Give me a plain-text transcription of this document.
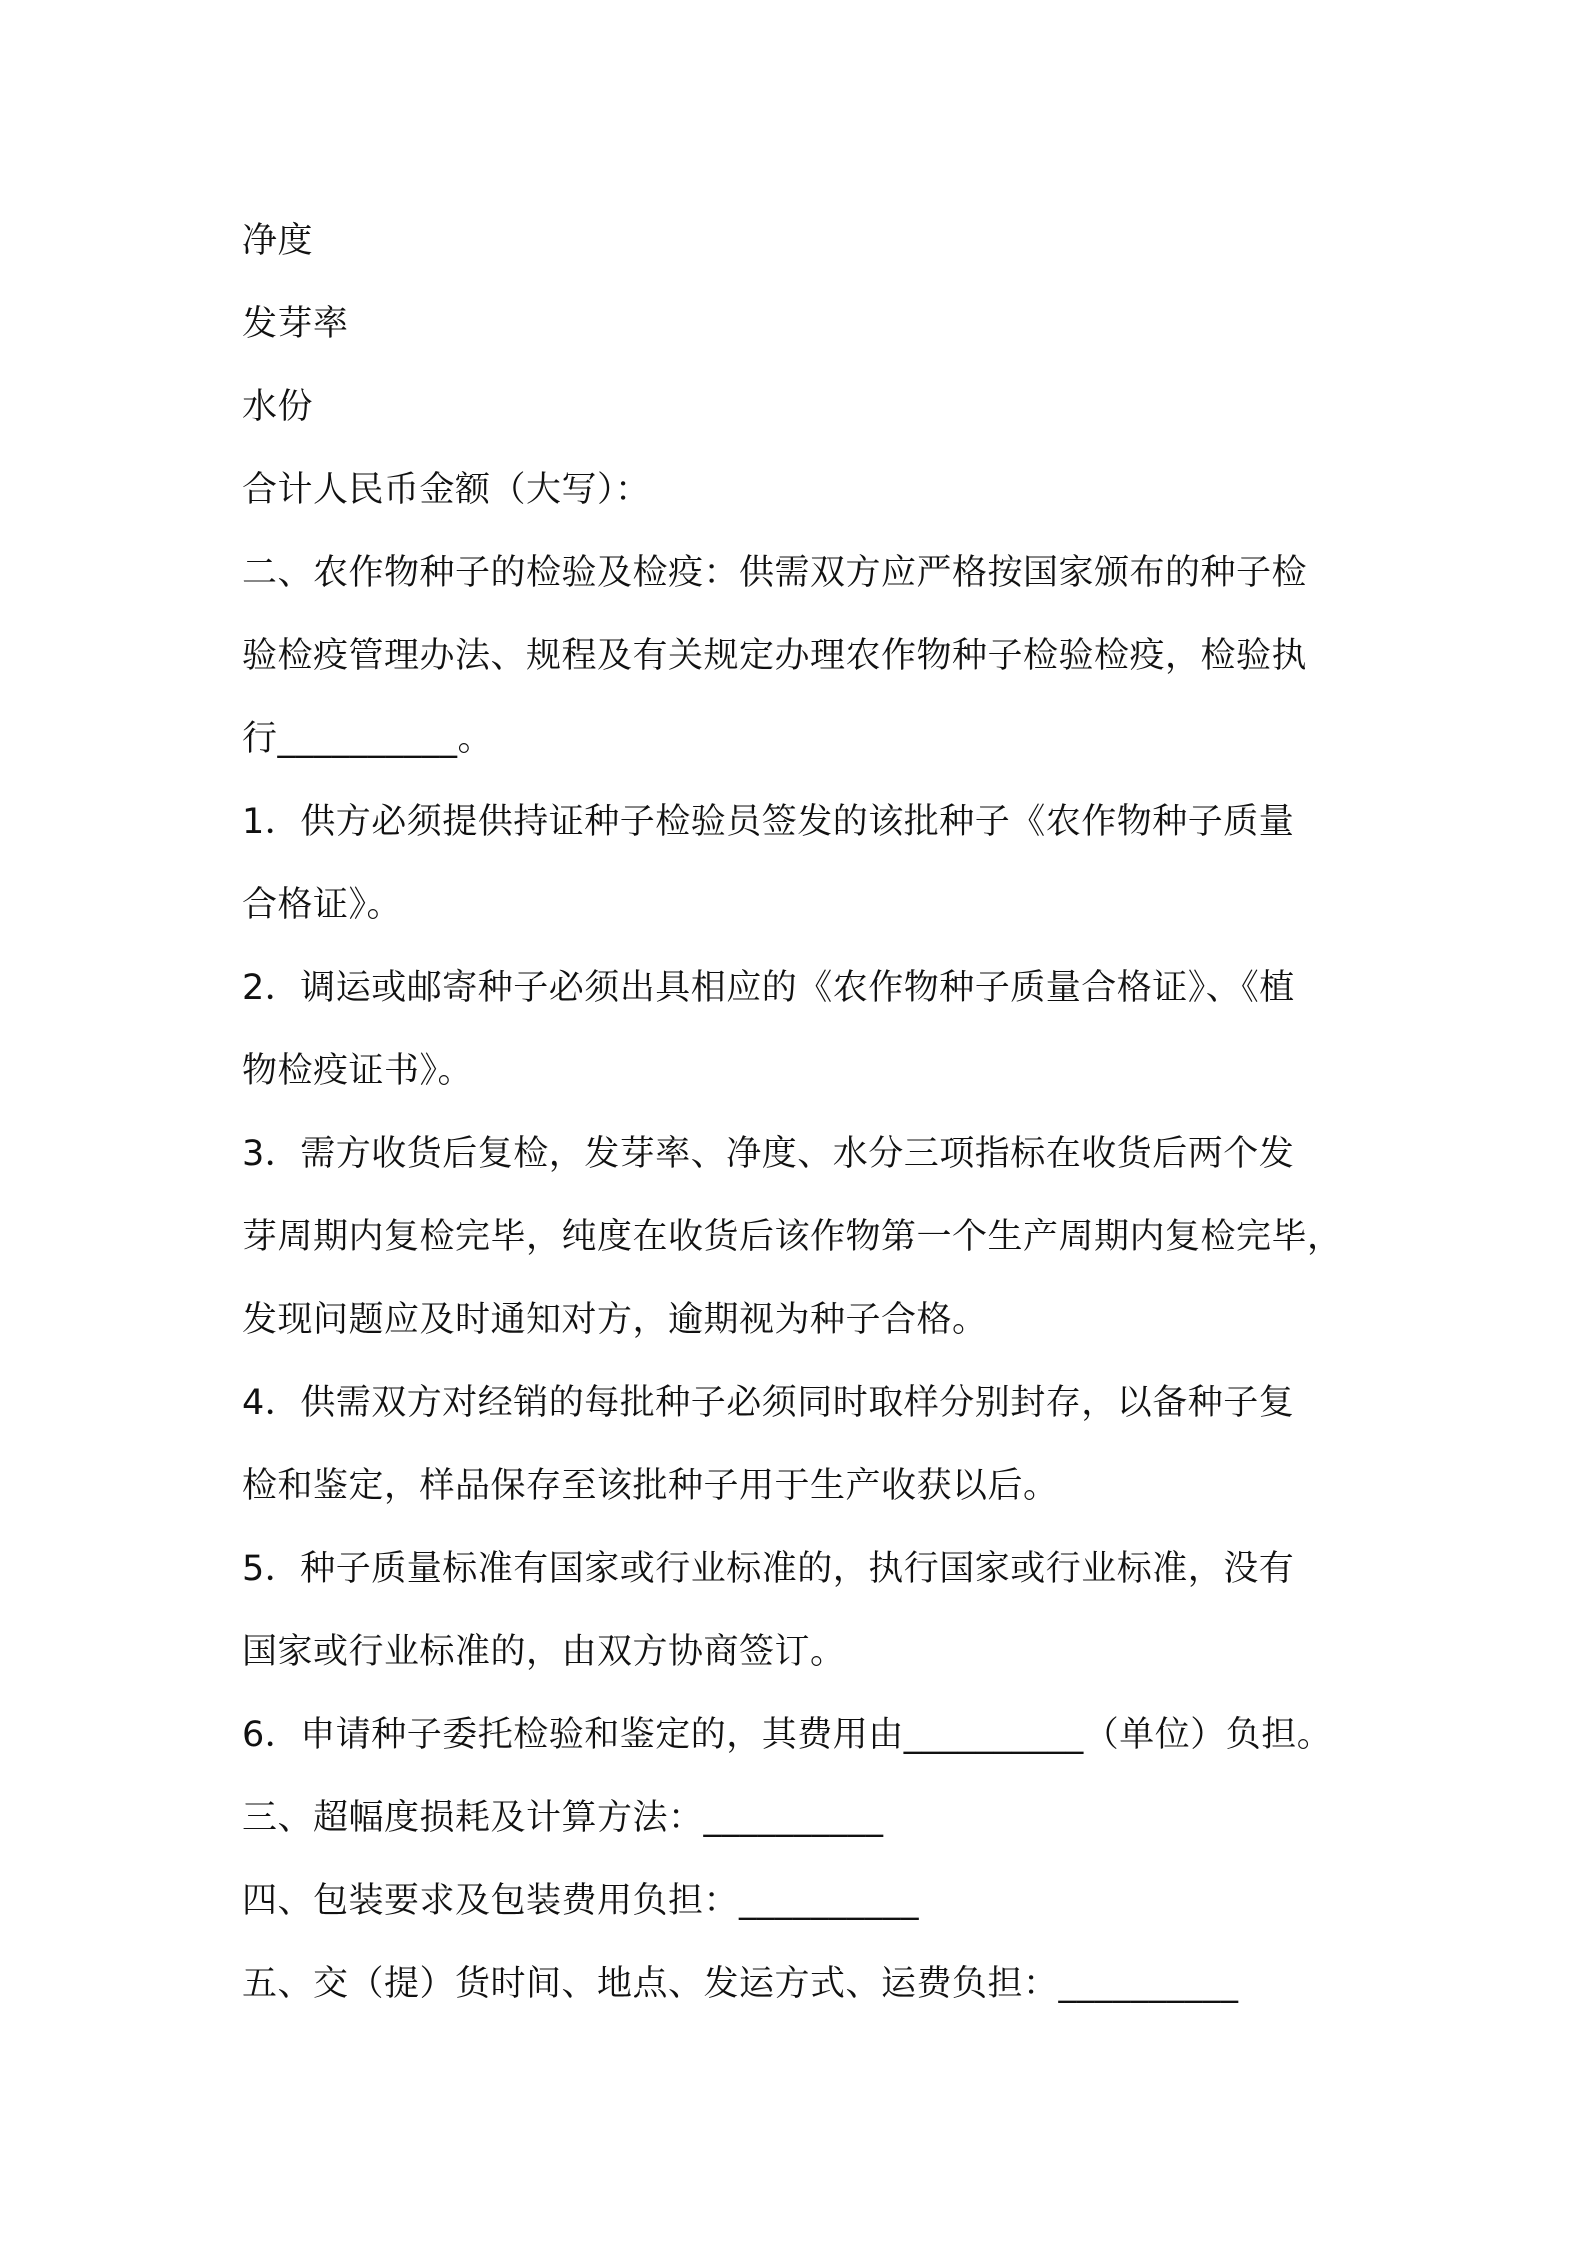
净度
发芽率
水份
合计人民币金额（大写）：
二、农作物种子的检验及检疫：供需双方应严格按国家颁布的种子检
验检疫管理办法、规程及有关规定办理农作物种子检验检疫，检验执
行__________。
1．供方必须提供持证种子检验员签发的该批种子《农作物种子质量
合格证》。
2．调运或邮寄种子必须出具相应的《农作物种子质量合格证》、《植
物检疫证书》。
3．需方收货后复检，发芽率、净度、水分三项指标在收货后两个发
芽周期内复检完毕，纯度在收货后该作物第一个生产周期内复检完毕，
发现问题应及时通知对方，逾期视为种子合格。
4．供需双方对经销的每批种子必须同时取样分别封存，以备种子复
检和鉴定，样品保存至该批种子用于生产收获以后。
5．种子质量标准有国家或行业标准的，执行国家或行业标准，没有
国家或行业标准的，由双方协商签订。
6．申请种子委托检验和鉴定的，其费用由__________（单位）负担。
三、超幅度损耗及计算方法：__________
四、包装要求及包装费用负担：__________
五、交（提）货时间、地点、发运方式、运费负担：__________
